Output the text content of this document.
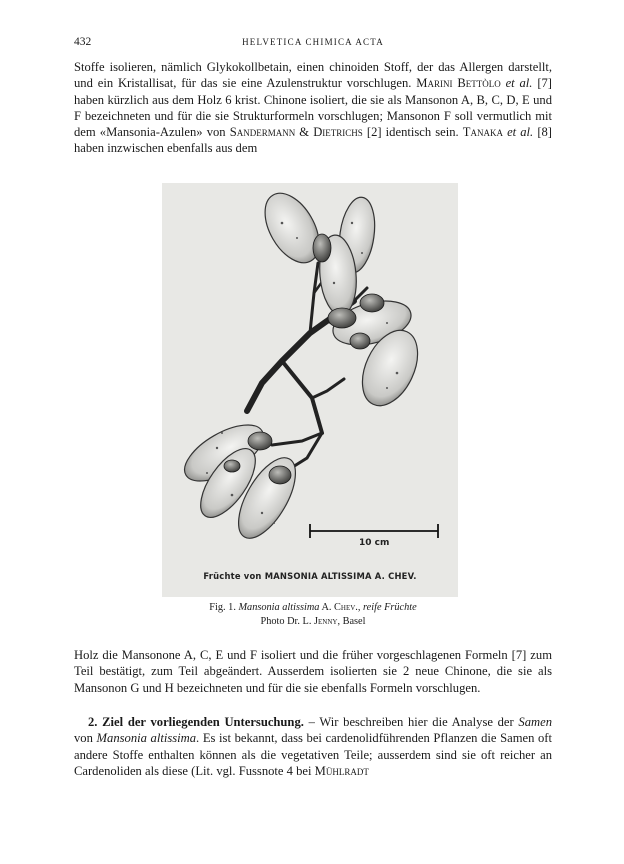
432	HELVETICA CHIMICA ACTA

Stoffe isolieren, nämlich Glykokollbetain, einen chinoiden Stoff, der das Allergen darstellt, und ein Kristallisat, für das sie eine Azulenstruktur vorschlugen. Marini Bettòlo et al. [7] haben kürzlich aus dem Holz 6 krist. Chinone isoliert, die sie als Mansonon A, B, C, D, E und F bezeichneten und für die sie Strukturformeln vorschlugen; Mansonon F soll vermutlich mit dem «Mansonia-Azulen» von Sandermann & Dietrichs [2] identisch sein. Tanaka et al. [8] haben inzwischen ebenfalls aus dem

10 cm
Früchte von MANSONIA ALTISSIMA A. CHEV.
Fig. 1. Mansonia altissima A. Chev., reife Früchte
Photo Dr. L. Jenny, Basel

Holz die Mansonone A, C, E und F isoliert und die früher vorgeschlagenen Formeln [7] zum Teil bestätigt, zum Teil abgeändert. Ausserdem isolierten sie 2 neue Chinone, die sie als Mansonon G und H bezeichneten und für die sie ebenfalls Formeln vorschlugen.

2. Ziel der vorliegenden Untersuchung. – Wir beschreiben hier die Analyse der Samen von Mansonia altissima. Es ist bekannt, dass bei cardenolidführenden Pflanzen die Samen oft andere Stoffe enthalten können als die vegetativen Teile; ausserdem sind sie oft reicher an Cardenoliden als diese (Lit. vgl. Fussnote 4 bei Mühlradt
